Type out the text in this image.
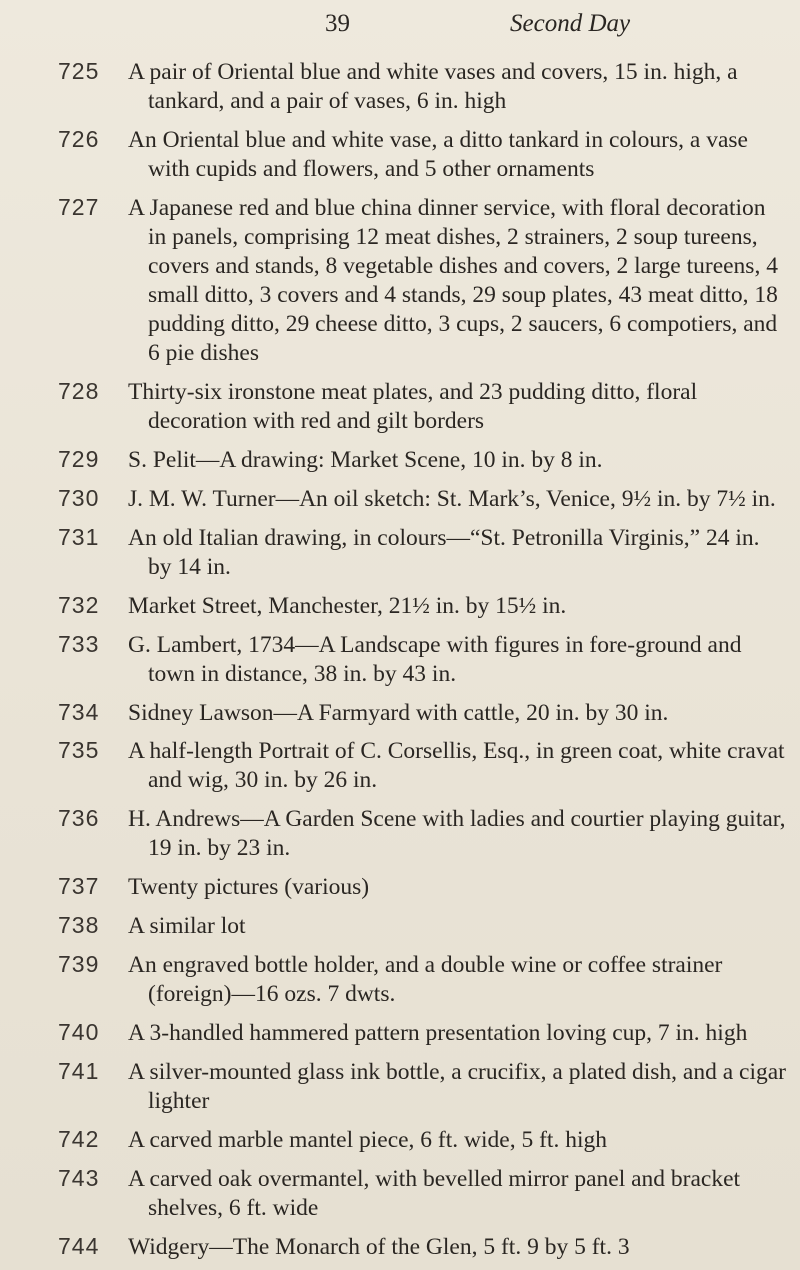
39	Second Day
725 A pair of Oriental blue and white vases and covers, 15 in. high, a tankard, and a pair of vases, 6 in. high
726 An Oriental blue and white vase, a ditto tankard in colours, a vase with cupids and flowers, and 5 other ornaments
727 A Japanese red and blue china dinner service, with floral decoration in panels, comprising 12 meat dishes, 2 strainers, 2 soup tureens, covers and stands, 8 vegetable dishes and covers, 2 large tureens, 4 small ditto, 3 covers and 4 stands, 29 soup plates, 43 meat ditto, 18 pudding ditto, 29 cheese ditto, 3 cups, 2 saucers, 6 compotiers, and 6 pie dishes
728 Thirty-six ironstone meat plates, and 23 pudding ditto, floral decoration with red and gilt borders
729 S. Pelit—A drawing: Market Scene, 10 in. by 8 in.
730 J. M. W. Turner—An oil sketch: St. Mark’s, Venice, 9½ in. by 7½ in.
731 An old Italian drawing, in colours—“St. Petronilla Virginis,” 24 in. by 14 in.
732 Market Street, Manchester, 21½ in. by 15½ in.
733 G. Lambert, 1734—A Landscape with figures in fore-ground and town in distance, 38 in. by 43 in.
734 Sidney Lawson—A Farmyard with cattle, 20 in. by 30 in.
735 A half-length Portrait of C. Corsellis, Esq., in green coat, white cravat and wig, 30 in. by 26 in.
736 H. Andrews—A Garden Scene with ladies and courtier playing guitar, 19 in. by 23 in.
737 Twenty pictures (various)
738 A similar lot
739 An engraved bottle holder, and a double wine or coffee strainer (foreign)—16 ozs. 7 dwts.
740 A 3-handled hammered pattern presentation loving cup, 7 in. high
741 A silver-mounted glass ink bottle, a crucifix, a plated dish, and a cigar lighter
742 A carved marble mantel piece, 6 ft. wide, 5 ft. high
743 A carved oak overmantel, with bevelled mirror panel and bracket shelves, 6 ft. wide
744 Widgery—The Monarch of the Glen, 5 ft. 9 by 5 ft. 3
